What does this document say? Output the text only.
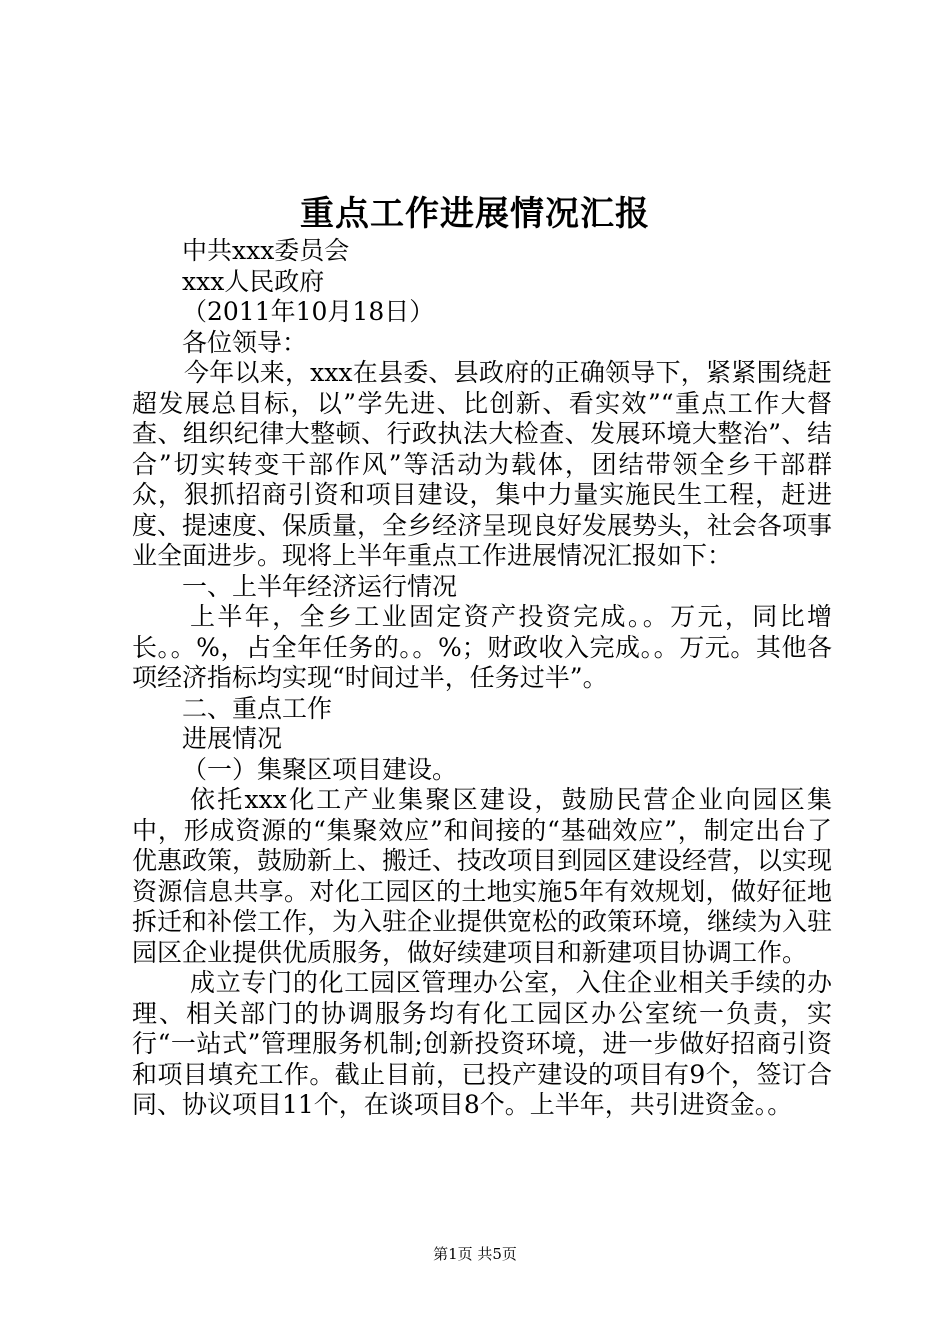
重点工作进展情况汇报

中共xxx委员会

xxx人民政府

（2011年10月18日）

各位领导：

今年以来，xxx在县委、县政府的正确领导下，紧紧围绕赶超发展总目标，以”学先进、比创新、看实效”“重点工作大督查、组织纪律大整顿、行政执法大检查、发展环境大整治”、结合”切实转变干部作风”等活动为载体，团结带领全乡干部群众，狠抓招商引资和项目建设，集中力量实施民生工程，赶进度、提速度、保质量，全乡经济呈现良好发展势头，社会各项事业全面进步。现将上半年重点工作进展情况汇报如下：

一、上半年经济运行情况

上半年，全乡工业固定资产投资完成。。万元，同比增长。。%，占全年任务的。。%；财政收入完成。。万元。其他各项经济指标均实现“时间过半，任务过半”。

二、重点工作

进展情况

（一）集聚区项目建设。

依托xxx化工产业集聚区建设，鼓励民营企业向园区集中，形成资源的“集聚效应”和间接的“基础效应”，制定出台了优惠政策，鼓励新上、搬迁、技改项目到园区建设经营，以实现资源信息共享。对化工园区的土地实施5年有效规划，做好征地拆迁和补偿工作，为入驻企业提供宽松的政策环境，继续为入驻园区企业提供优质服务，做好续建项目和新建项目协调工作。

成立专门的化工园区管理办公室，入住企业相关手续的办理、相关部门的协调服务均有化工园区办公室统一负责，实行“一站式”管理服务机制;创新投资环境，进一步做好招商引资和项目填充工作。截止目前，已投产建设的项目有9个，签订合同、协议项目11个，在谈项目8个。上半年，共引进资金。。

第1页 共5页
